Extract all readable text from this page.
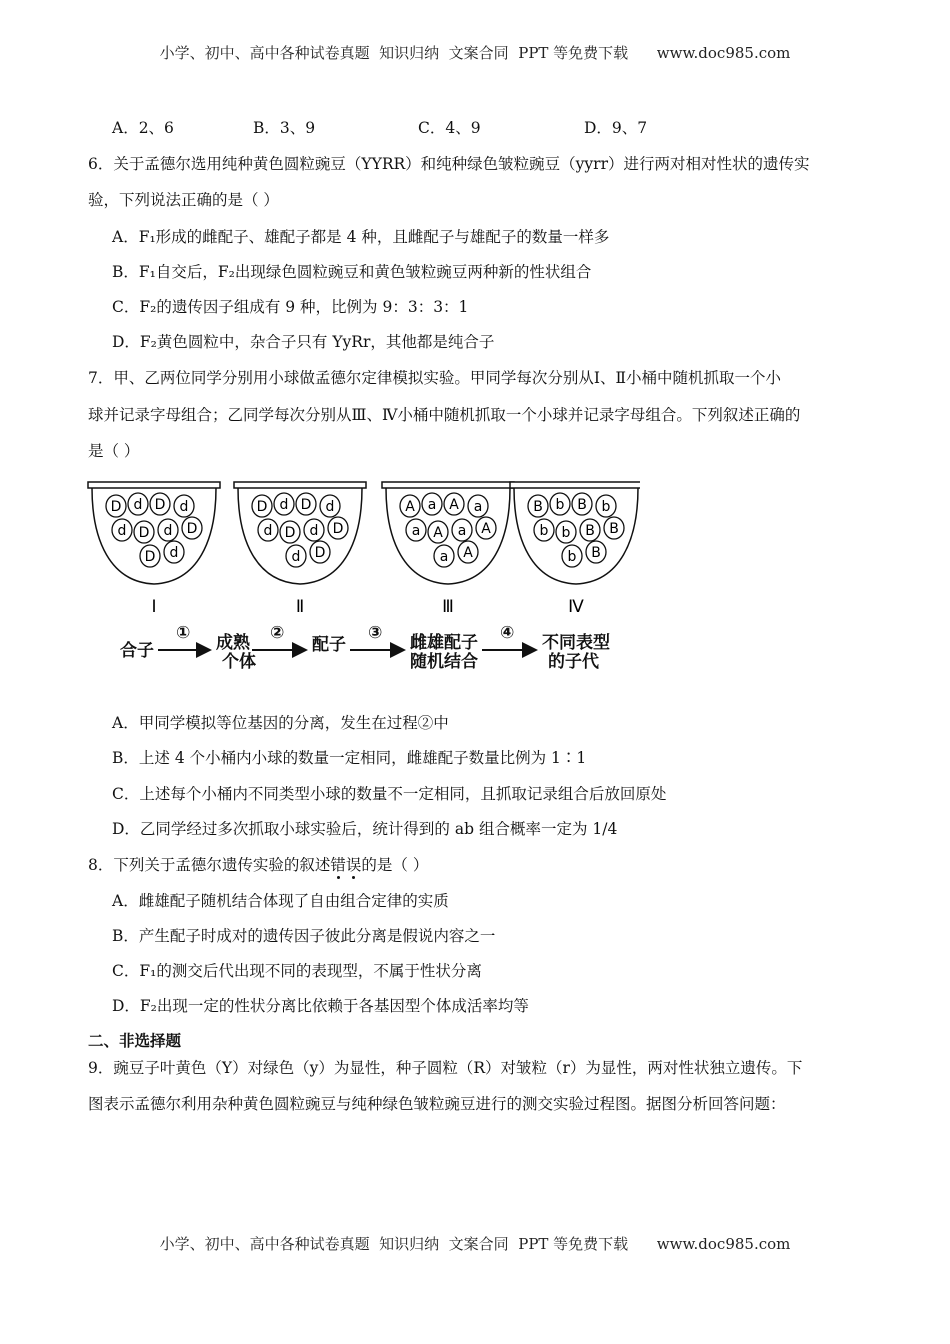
小学、初中、高中各种试卷真题  知识归纳  文案合同  PPT 等免费下载      www.doc985.com
A．2、6	B．3、9	C．4、9	D．9、7
6．关于孟德尔选用纯种黄色圆粒豌豆（YYRR）和纯种绿色皱粒豌豆（yyrr）进行两对相对性状的遗传实
验，下列说法正确的是（ ）
A．F₁形成的雌配子、雄配子都是 4 种，且雌配子与雄配子的数量一样多
B．F₁自交后，F₂出现绿色圆粒豌豆和黄色皱粒豌豆两种新的性状组合
C．F₂的遗传因子组成有 9 种，比例为 9：3：3：1
D．F₂黄色圆粒中，杂合子只有 YyRr，其他都是纯合子
7．甲、乙两位同学分别用小球做孟德尔定律模拟实验。甲同学每次分别从Ⅰ、Ⅱ小桶中随机抓取一个小
球并记录字母组合；乙同学每次分别从Ⅲ、Ⅳ小桶中随机抓取一个小球并记录字母组合。下列叙述正确的
是（ ）
D d D d
d D d D
D d
Ⅰ
D d D d
d D d D
d D
Ⅱ
A a A a
a A a A
a A
Ⅲ
B b B b
b b B B
b B
Ⅳ
合子
① 成熟
个体
②
配子
③ 雌雄配子
随机结合
④ 不同表型
的子代
A．甲同学模拟等位基因的分离，发生在过程②中
B．上述 4 个小桶内小球的数量一定相同，雌雄配子数量比例为 1∶1
C．上述每个小桶内不同类型小球的数量不一定相同，且抓取记录组合后放回原处
D．乙同学经过多次抓取小球实验后，统计得到的 ab 组合概率一定为 1/4
8．下列关于孟德尔遗传实验的叙述错误的是（ ）
A．雌雄配子随机结合体现了自由组合定律的实质
B．产生配子时成对的遗传因子彼此分离是假说内容之一
C．F₁的测交后代出现不同的表现型，不属于性状分离
D．F₂出现一定的性状分离比依赖于各基因型个体成活率均等
二、非选择题
9．豌豆子叶黄色（Y）对绿色（y）为显性，种子圆粒（R）对皱粒（r）为显性，两对性状独立遗传。下
图表示孟德尔利用杂种黄色圆粒豌豆与纯种绿色皱粒豌豆进行的测交实验过程图。据图分析回答问题：
小学、初中、高中各种试卷真题  知识归纳  文案合同  PPT 等免费下载      www.doc985.com
